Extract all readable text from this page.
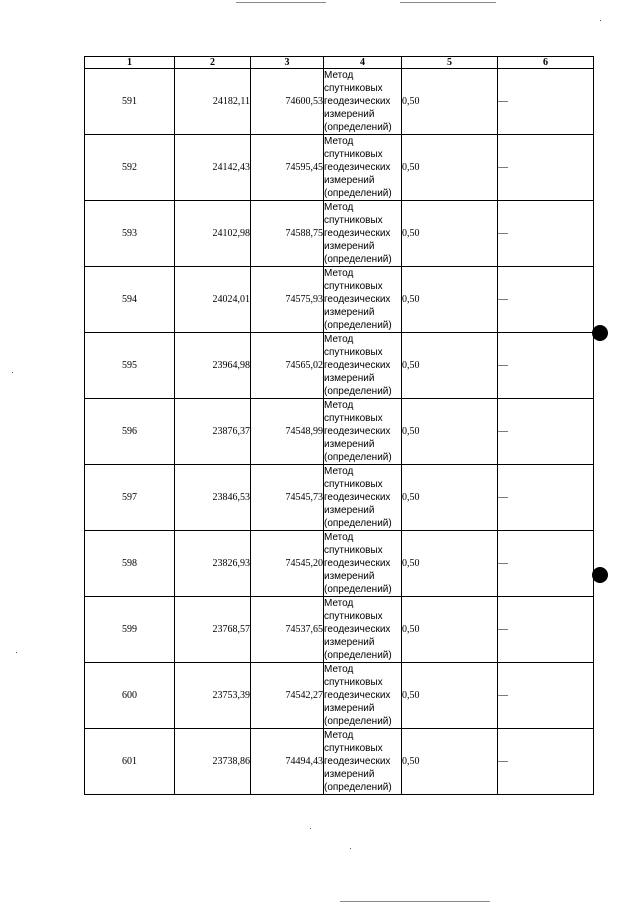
1	2	3	4	5	6
591	24182,11	74600,53	Метод
спутниковых
геодезических
измерений
(определений)	0,50	—
592	24142,43	74595,45	Метод
спутниковых
геодезических
измерений
(определений)	0,50	—
593	24102,98	74588,75	Метод
спутниковых
геодезических
измерений
(определений)	0,50	—
594	24024,01	74575,93	Метод
спутниковых
геодезических
измерений
(определений)	0,50	—
595	23964,98	74565,02	Метод
спутниковых
геодезических
измерений
(определений)	0,50	—
596	23876,37	74548,99	Метод
спутниковых
геодезических
измерений
(определений)	0,50	—
597	23846,53	74545,73	Метод
спутниковых
геодезических
измерений
(определений)	0,50	—
598	23826,93	74545,20	Метод
спутниковых
геодезических
измерений
(определений)	0,50	—
599	23768,57	74537,65	Метод
спутниковых
геодезических
измерений
(определений)	0,50	—
600	23753,39	74542,27	Метод
спутниковых
геодезических
измерений
(определений)	0,50	—
601	23738,86	74494,43	Метод
спутниковых
геодезических
измерений
(определений)	0,50	—
